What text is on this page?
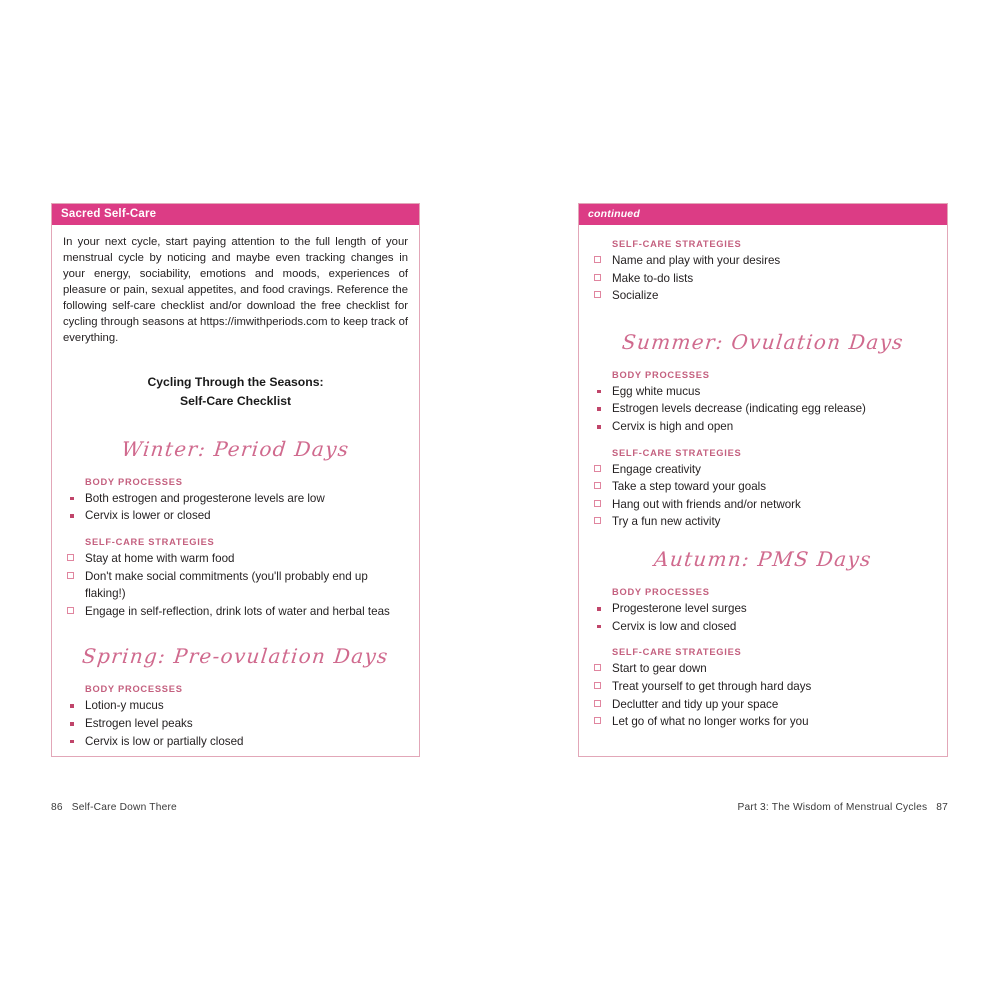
Sacred Self-Care

In your next cycle, start paying attention to the full length of your menstrual cycle by noticing and maybe even tracking changes in your energy, sociability, emotions and moods, experiences of pleasure or pain, sexual appetites, and food cravings. Reference the following self-care checklist and/or download the free checklist for cycling through seasons at https://imwithperiods.com to keep track of everything.

Cycling Through the Seasons:
Self-Care Checklist
Winter: Period Days
BODY PROCESSES
Both estrogen and progesterone levels are low
Cervix is lower or closed
SELF-CARE STRATEGIES
Stay at home with warm food
Don't make social commitments (you'll probably end up flaking!)
Engage in self-reflection, drink lots of water and herbal teas
Spring: Pre-ovulation Days
BODY PROCESSES
Lotion-y mucus
Estrogen level peaks
Cervix is low or partially closed
86 Self-Care Down There
continued
SELF-CARE STRATEGIES
Name and play with your desires
Make to-do lists
Socialize
Summer: Ovulation Days
BODY PROCESSES
Egg white mucus
Estrogen levels decrease (indicating egg release)
Cervix is high and open
SELF-CARE STRATEGIES
Engage creativity
Take a step toward your goals
Hang out with friends and/or network
Try a fun new activity
Autumn: PMS Days
BODY PROCESSES
Progesterone level surges
Cervix is low and closed
SELF-CARE STRATEGIES
Start to gear down
Treat yourself to get through hard days
Declutter and tidy up your space
Let go of what no longer works for you
Part 3: The Wisdom of Menstrual Cycles 87
